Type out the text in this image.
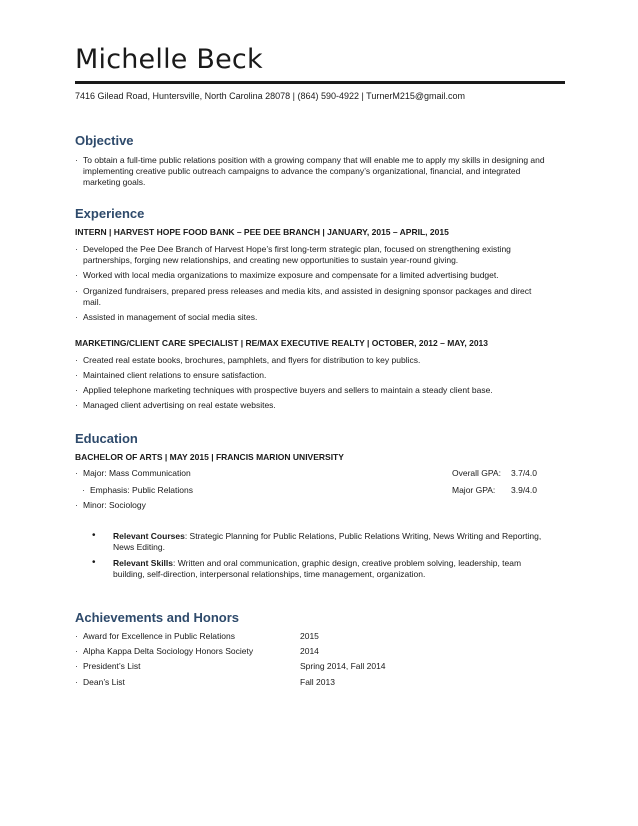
Michelle Beck
7416 Gilead Road, Huntersville, North Carolina 28078 | (864) 590-4922 | TurnerM215@gmail.com
Objective
· To obtain a full-time public relations position with a growing company that will enable me to apply my skills in designing and implementing creative public outreach campaigns to advance the company’s organizational, financial, and integrated marketing goals.
Experience
INTERN | HARVEST HOPE FOOD BANK – PEE DEE BRANCH | JANUARY, 2015 – APRIL, 2015
· Developed the Pee Dee Branch of Harvest Hope’s first long-term strategic plan, focused on strengthening existing partnerships, forging new relationships, and creating new opportunities to sustain year-round giving.
· Worked with local media organizations to maximize exposure and compensate for a limited advertising budget.
· Organized fundraisers, prepared press releases and media kits, and assisted in designing sponsor packages and direct mail.
· Assisted in management of social media sites.
MARKETING/CLIENT CARE SPECIALIST | RE/MAX EXECUTIVE REALTY | OCTOBER, 2012 – MAY, 2013
· Created real estate books, brochures, pamphlets, and flyers for distribution to key publics.
· Maintained client relations to ensure satisfaction.
· Applied telephone marketing techniques with prospective buyers and sellers to maintain a steady client base.
· Managed client advertising on real estate websites.
Education
BACHELOR OF ARTS | MAY 2015 | FRANCIS MARION UNIVERSITY
· Major: Mass Communication	Overall GPA: 3.7/4.0
· Emphasis: Public Relations	Major GPA: 3.9/4.0
· Minor: Sociology
• Relevant Courses: Strategic Planning for Public Relations, Public Relations Writing, News Writing and Reporting, News Editing.
• Relevant Skills: Written and oral communication, graphic design, creative problem solving, leadership, team building, self-direction, interpersonal relationships, time management, organization.
Achievements and Honors
· Award for Excellence in Public Relations	2015
· Alpha Kappa Delta Sociology Honors Society	2014
· President’s List	Spring 2014, Fall 2014
· Dean’s List	Fall 2013
